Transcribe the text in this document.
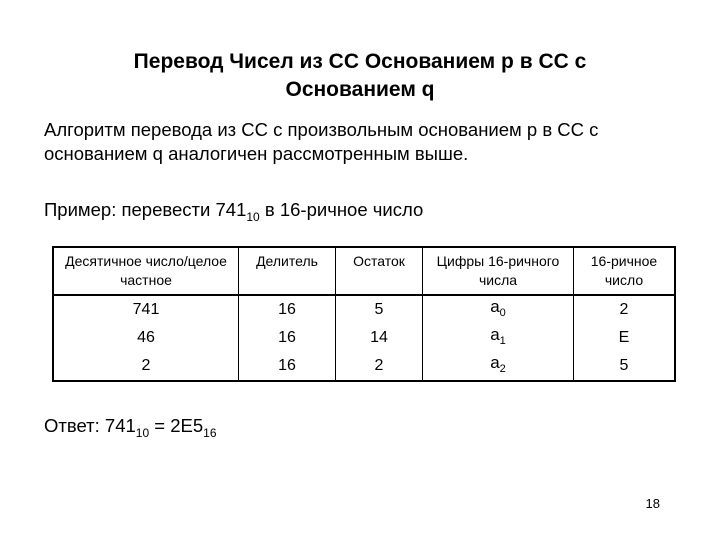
Перевод Чисел из СС Основанием p в СС с
Основанием q
Алгоритм перевода из СС с произвольным основанием p в СС с основанием q аналогичен рассмотренным выше.
Пример: перевести $741_{10}$ в 16-ричное число
Десятичное число/целое частное	Делитель	Остаток	Цифры 16-ричного числа	16-ричное число
741	16	5	$a_0$	2
46	16	14	$a_1$	E
2	16	2	$a_2$	5
Ответ: $741_{10} = 2E5_{16}$
18
